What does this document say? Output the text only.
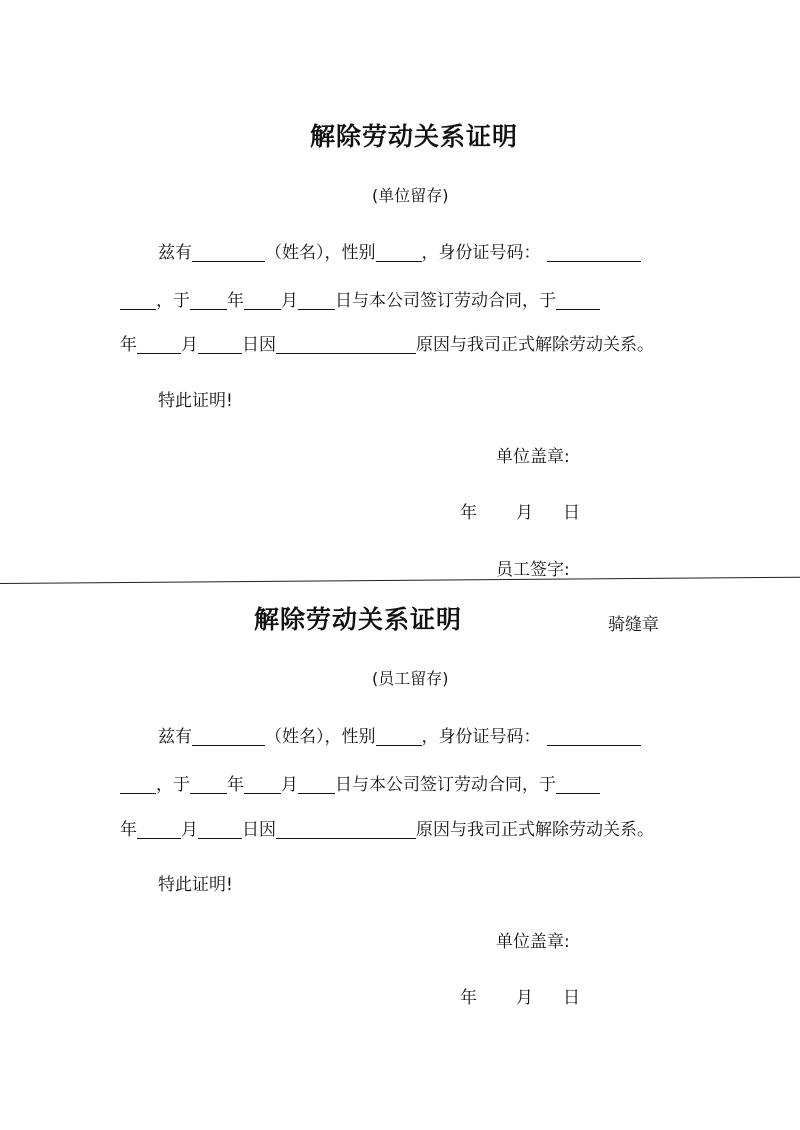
解除劳动关系证明
(单位留存)
兹有	（姓名），性别	，身份证号码：
，于 年 月 日与本公司签订劳动合同，于
年	月	日因	原因与我司正式解除劳动关系。
特此证明!
单位盖章:
年 月 日
员工签字:
解除劳动关系证明	骑缝章
(员工留存)
兹有	（姓名），性别	，身份证号码：
，于 年 月 日与本公司签订劳动合同，于
年	月	日因	原因与我司正式解除劳动关系。
特此证明!
单位盖章:
年 月 日
